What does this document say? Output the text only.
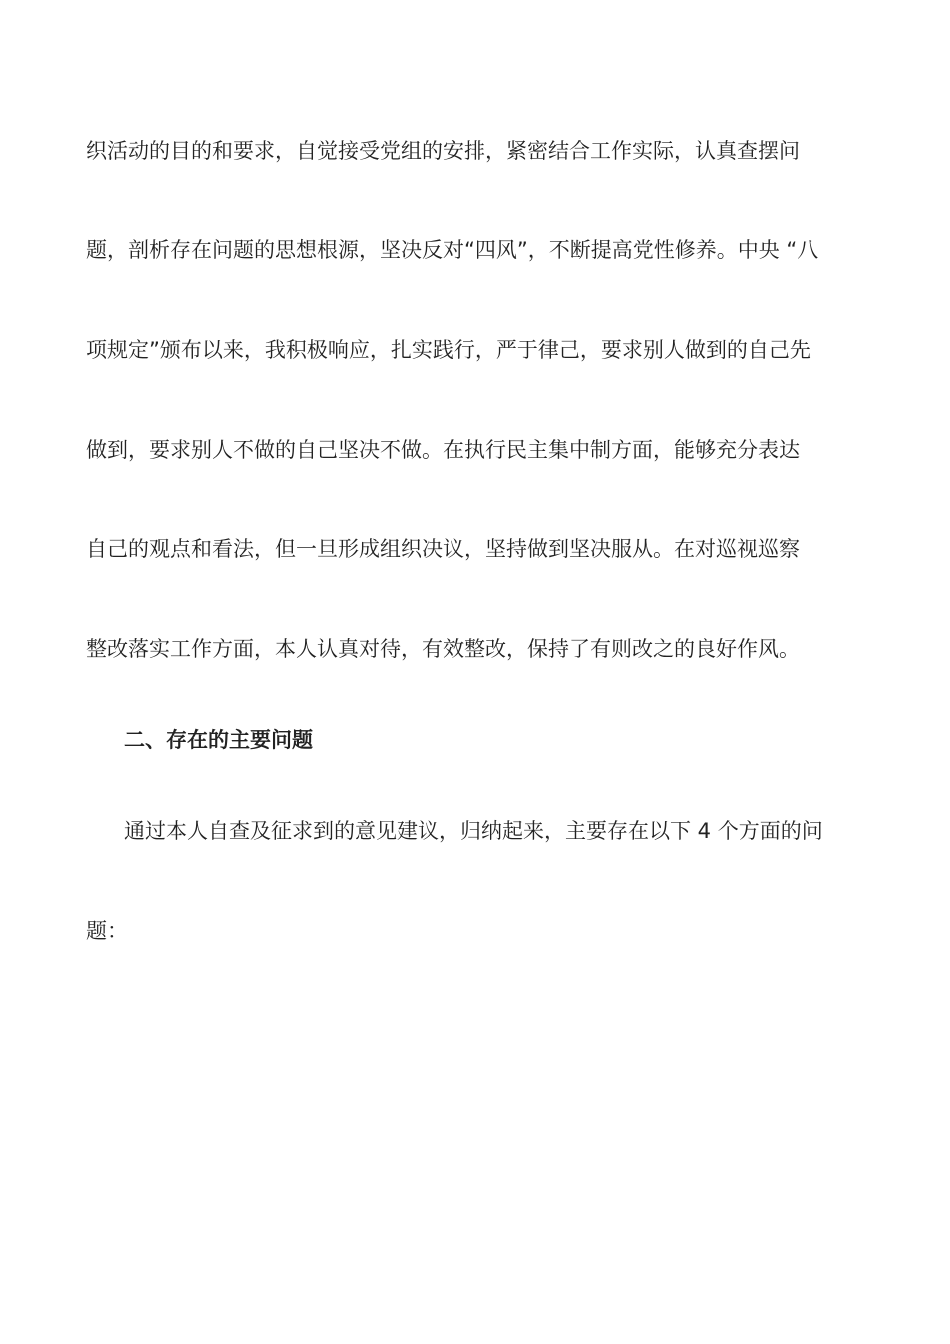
织活动的目的和要求，自觉接受党组的安排，紧密结合工作实际，认真查摆问
题，剖析存在问题的思想根源，坚决反对“四风”，不断提高党性修养。中央 “八
项规定”颁布以来，我积极响应，扎实践行，严于律己，要求别人做到的自己先
做到，要求别人不做的自己坚决不做。在执行民主集中制方面，能够充分表达
自己的观点和看法，但一旦形成组织决议，坚持做到坚决服从。在对巡视巡察
整改落实工作方面，本人认真对待，有效整改，保持了有则改之的良好作风。
二、存在的主要问题
通过本人自查及征求到的意见建议，归纳起来，主要存在以下 4 个方面的问
题：
